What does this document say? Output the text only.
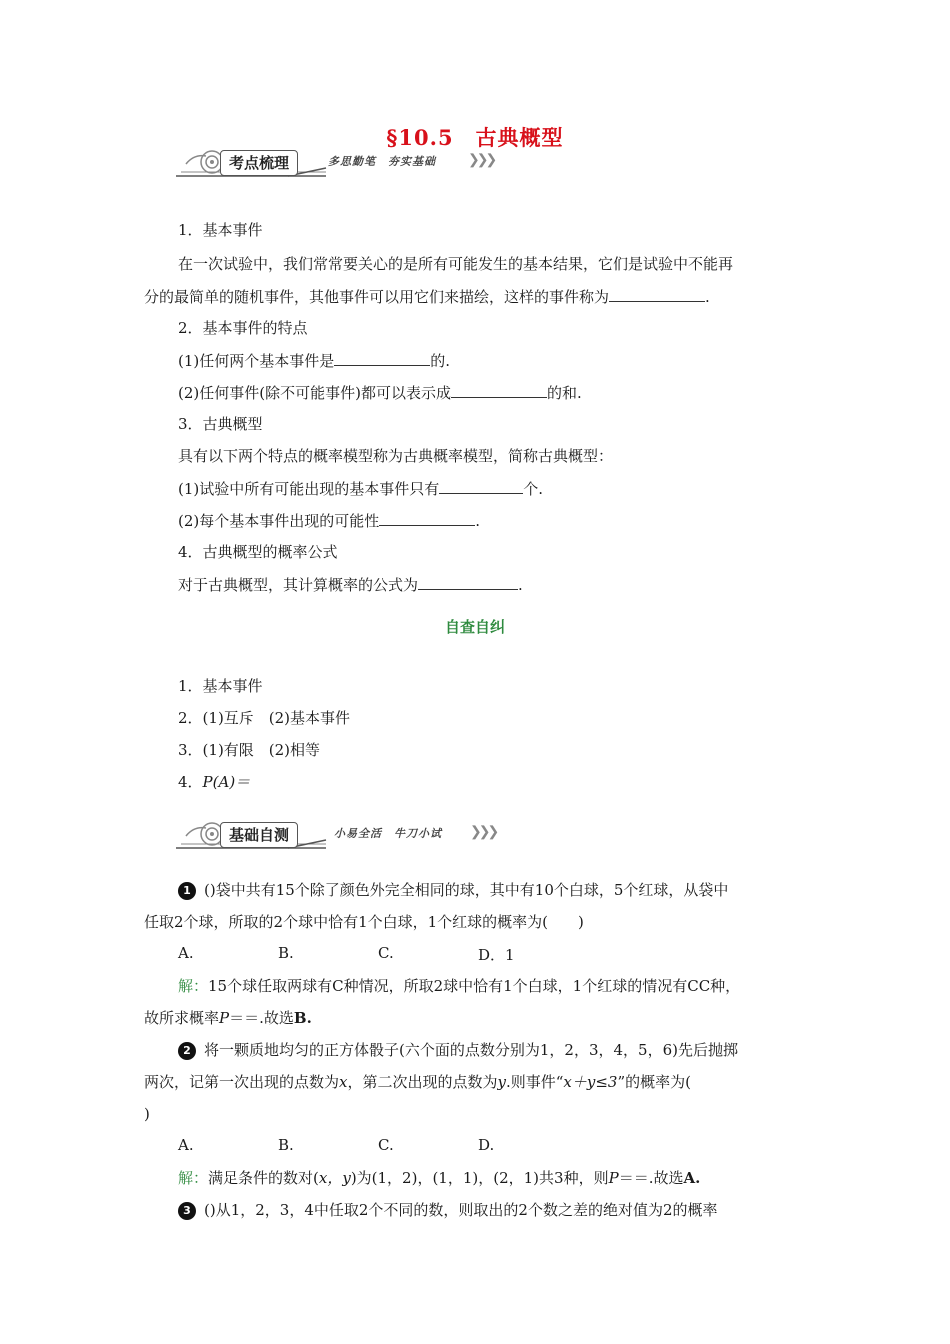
§10.5　古典概型
考点梳理	多思勤笔　夯实基础 ❯❯❯
1．基本事件
在一次试验中，我们常常要关心的是所有可能发生的基本结果，它们是试验中不能再
分的最简单的随机事件，其他事件可以用它们来描绘，这样的事件称为	.
2．基本事件的特点
(1)任何两个基本事件是	的.
(2)任何事件(除不可能事件)都可以表示成	的和.
3．古典概型
具有以下两个特点的概率模型称为古典概率模型，简称古典概型：
(1)试验中所有可能出现的基本事件只有	个.
(2)每个基本事件出现的可能性	.
4．古典概型的概率公式
对于古典概型，其计算概率的公式为	.
自查自纠
1．基本事件
2．(1)互斥　(2)基本事件
3．(1)有限　(2)相等
4．P(A)＝
基础自测	小易全活　牛刀小试 ❯❯❯
1 ()袋中共有15个除了颜色外完全相同的球，其中有10个白球，5个红球，从袋中
任取2个球，所取的2个球中恰有1个白球，1个红球的概率为(　　)
A.	B.	C.	D．1
解：15个球任取两球有C种情况，所取2球中恰有1个白球，1个红球的情况有CC种，
故所求概率P＝＝.故选B.
2 将一颗质地均匀的正方体骰子(六个面的点数分别为1，2，3，4，5，6)先后抛掷
两次，记第一次出现的点数为x，第二次出现的点数为y.则事件“x＋y≤3”的概率为(
)
A.	B.	C.	D.
解：满足条件的数对(x，y)为(1，2)，(1，1)，(2，1)共3种，则P＝＝.故选A.
3 ()从1，2，3，4中任取2个不同的数，则取出的2个数之差的绝对值为2的概率
